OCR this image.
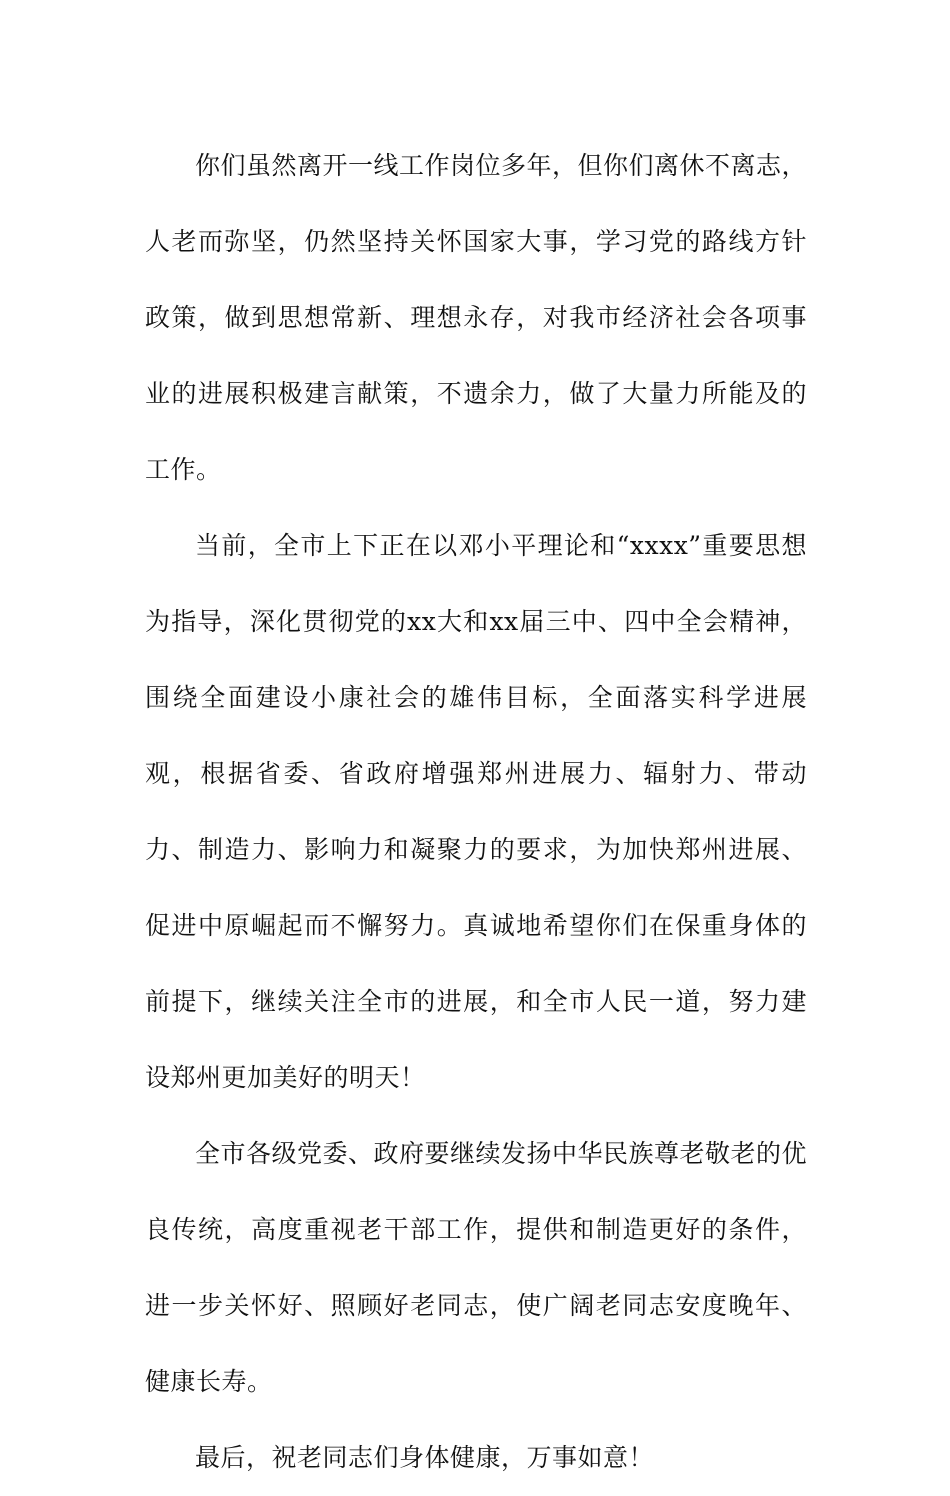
你们虽然离开一线工作岗位多年，但你们离休不离志，人老而弥坚，仍然坚持关怀国家大事，学习党的路线方针政策，做到思想常新、理想永存，对我市经济社会各项事业的进展积极建言献策，不遗余力，做了大量力所能及的工作。

当前，全市上下正在以邓小平理论和“xxxx”重要思想为指导，深化贯彻党的xx大和xx届三中、四中全会精神，围绕全面建设小康社会的雄伟目标，全面落实科学进展观，根据省委、省政府增强郑州进展力、辐射力、带动力、制造力、影响力和凝聚力的要求，为加快郑州进展、促进中原崛起而不懈努力。真诚地希望你们在保重身体的前提下，继续关注全市的进展，和全市人民一道，努力建设郑州更加美好的明天！

全市各级党委、政府要继续发扬中华民族尊老敬老的优良传统，高度重视老干部工作，提供和制造更好的条件，进一步关怀好、照顾好老同志，使广阔老同志安度晚年、健康长寿。

最后，祝老同志们身体健康，万事如意！
